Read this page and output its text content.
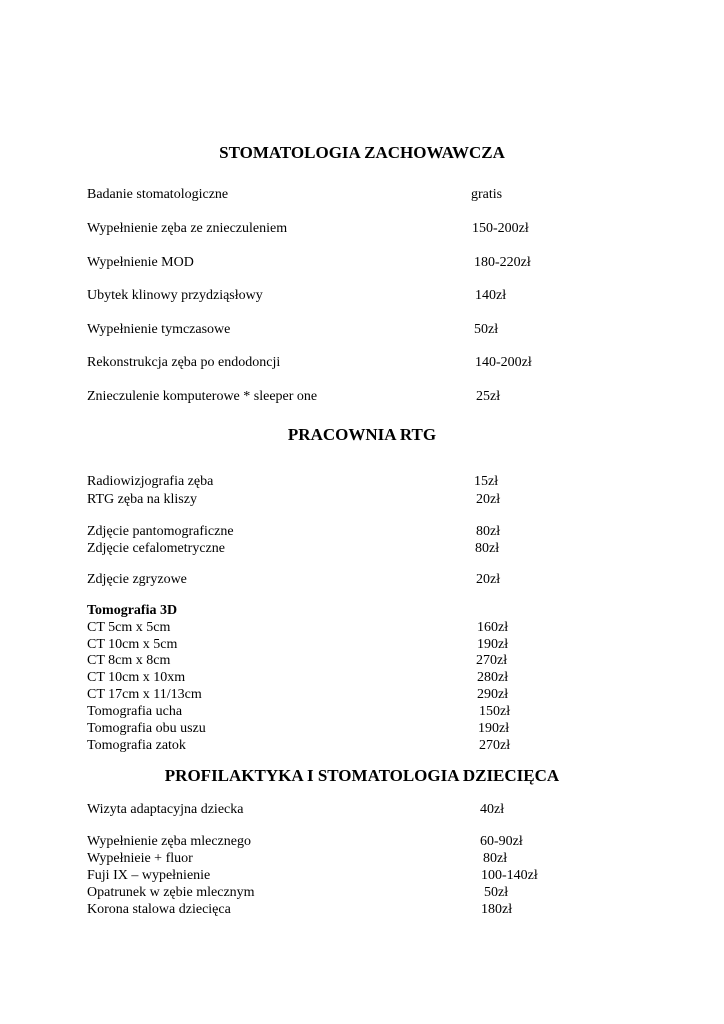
STOMATOLOGIA ZACHOWAWCZA
Badanie stomatologiczne	gratis
Wypełnienie zęba ze znieczuleniem	150-200zł
Wypełnienie MOD	180-220zł
Ubytek klinowy przydziąsłowy	140zł
Wypełnienie tymczasowe	50zł
Rekonstrukcja zęba po endodoncji	140-200zł
Znieczulenie komputerowe * sleeper one	25zł
PRACOWNIA RTG
Radiowizjografia zęba	15zł
RTG zęba na kliszy	20zł
Zdjęcie pantomograficzne	80zł
Zdjęcie cefalometryczne	80zł
Zdjęcie zgryzowe	20zł
Tomografia 3D
CT 5cm x 5cm	160zł
CT 10cm x 5cm	190zł
CT 8cm x 8cm	270zł
CT 10cm x 10xm	280zł
CT 17cm x 11/13cm	290zł
Tomografia ucha	150zł
Tomografia obu uszu	190zł
Tomografia zatok	270zł
PROFILAKTYKA I STOMATOLOGIA DZIECIĘCA
Wizyta adaptacyjna dziecka	40zł
Wypełnienie zęba mlecznego	60-90zł
Wypełnieie + fluor	80zł
Fuji IX – wypełnienie	100-140zł
Opatrunek w zębie mlecznym	50zł
Korona stalowa dziecięca	180zł
